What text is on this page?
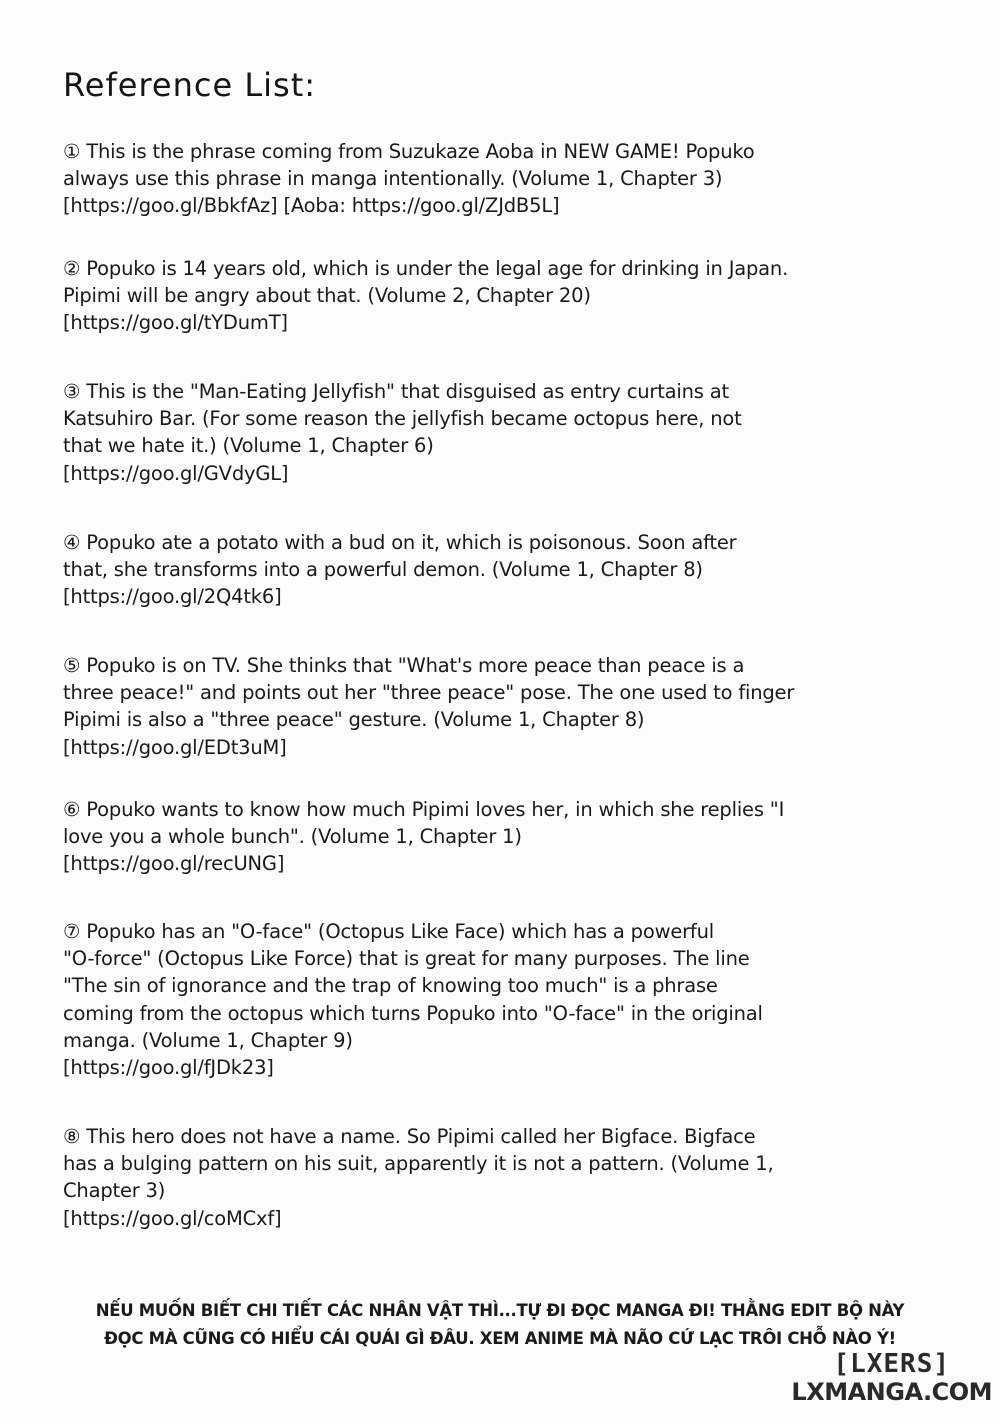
Reference List:
① This is the phrase coming from Suzukaze Aoba in NEW GAME! Popuko
always use this phrase in manga intentionally. (Volume 1, Chapter 3)
[https://goo.gl/BbkfAz] [Aoba: https://goo.gl/ZJdB5L]
② Popuko is 14 years old, which is under the legal age for drinking in Japan.
Pipimi will be angry about that. (Volume 2, Chapter 20)
[https://goo.gl/tYDumT]
③ This is the "Man-Eating Jellyfish" that disguised as entry curtains at
Katsuhiro Bar. (For some reason the jellyfish became octopus here, not
that we hate it.) (Volume 1, Chapter 6)
[https://goo.gl/GVdyGL]
④ Popuko ate a potato with a bud on it, which is poisonous. Soon after
that, she transforms into a powerful demon. (Volume 1, Chapter 8)
[https://goo.gl/2Q4tk6]
⑤ Popuko is on TV. She thinks that "What's more peace than peace is a
three peace!" and points out her "three peace" pose. The one used to finger
Pipimi is also a "three peace" gesture. (Volume 1, Chapter 8)
[https://goo.gl/EDt3uM]
⑥ Popuko wants to know how much Pipimi loves her, in which she replies "I
love you a whole bunch". (Volume 1, Chapter 1)
[https://goo.gl/recUNG]
⑦ Popuko has an "O-face" (Octopus Like Face) which has a powerful
"O-force" (Octopus Like Force) that is great for many purposes. The line
"The sin of ignorance and the trap of knowing too much" is a phrase
coming from the octopus which turns Popuko into "O-face" in the original
manga. (Volume 1, Chapter 9)
[https://goo.gl/fJDk23]
⑧ This hero does not have a name. So Pipimi called her Bigface. Bigface
has a bulging pattern on his suit, apparently it is not a pattern. (Volume 1,
Chapter 3)
[https://goo.gl/coMCxf]
NẾU MUỐN BIẾT CHI TIẾT CÁC NHÂN VẬT THÌ...TỰ ĐI ĐỌC MANGA ĐI! THẰNG EDIT BỘ NÀY
ĐỌC MÀ CŨNG CÓ HIỂU CÁI QUÁI GÌ ĐÂU. XEM ANIME MÀ NÃO CỨ LẠC TRÔI CHỖ NÀO Ý!
[LXERS]
LXMANGA.COM
